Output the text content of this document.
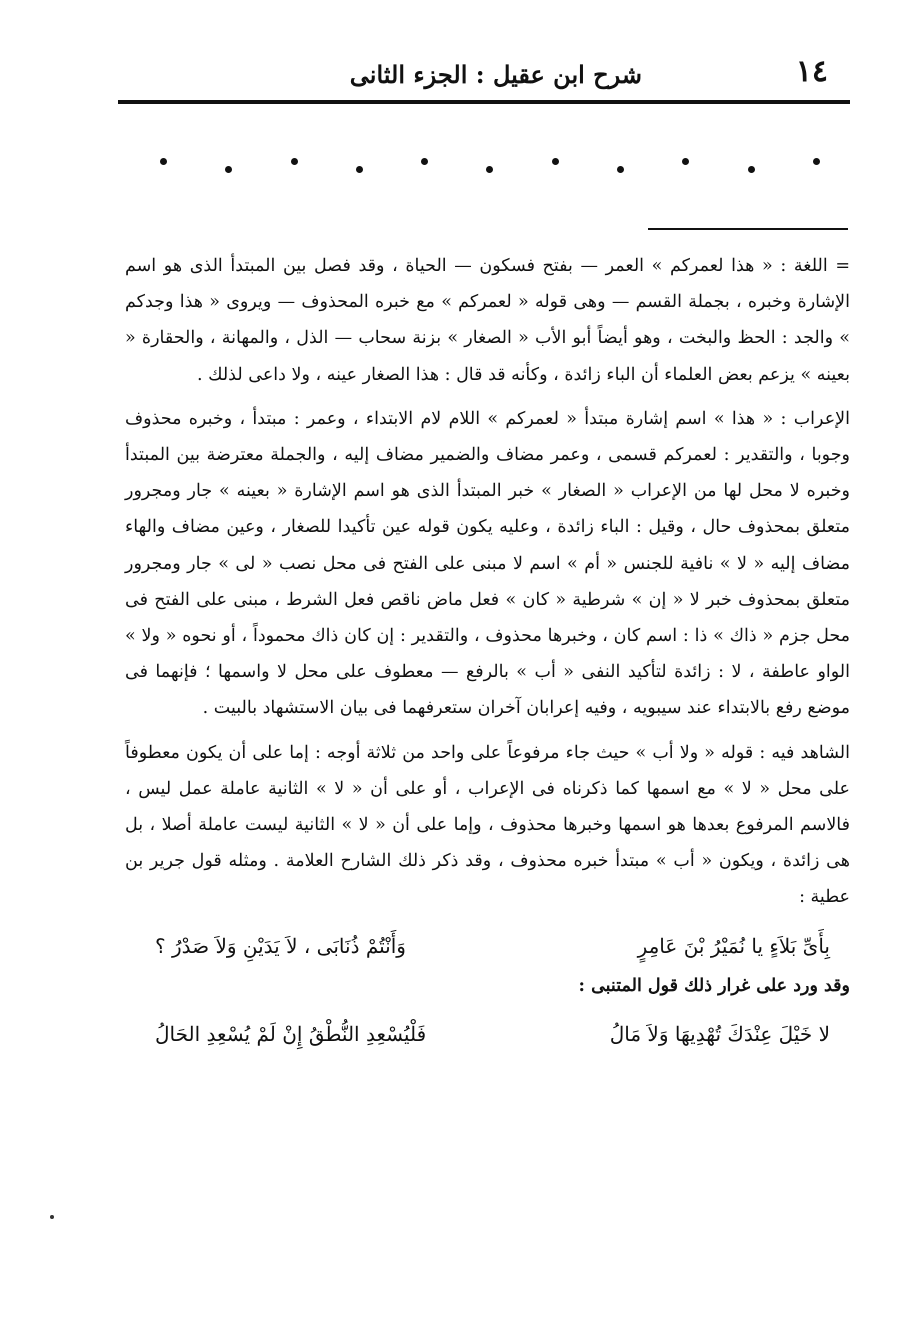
١٤
شرح ابن عقيل : الجزء الثانى

= اللغة : « هذا لعمركم » العمر — بفتح فسكون — الحياة ، وقد فصل بين المبتدأ الذى هو اسم الإشارة وخبره ، بجملة القسم — وهى قوله « لعمركم » مع خبره المحذوف — ويروى « هذا وجدكم » والجد : الحظ والبخت ، وهو أيضاً أبو الأب « الصغار » بزنة سحاب — الذل ، والمهانة ، والحقارة « بعينه » يزعم بعض العلماء أن الباء زائدة ، وكأنه قد قال : هذا الصغار عينه ، ولا داعى لذلك .

الإعراب : « هذا » اسم إشارة مبتدأ « لعمركم » اللام لام الابتداء ، وعمر : مبتدأ ، وخبره محذوف وجوبا ، والتقدير : لعمركم قسمى ، وعمر مضاف والضمير مضاف إليه ، والجملة معترضة بين المبتدأ وخبره لا محل لها من الإعراب « الصغار » خبر المبتدأ الذى هو اسم الإشارة « بعينه » جار ومجرور متعلق بمحذوف حال ، وقيل : الباء زائدة ، وعليه يكون قوله عين تأكيدا للصغار ، وعين مضاف والهاء مضاف إليه « لا » نافية للجنس « أم » اسم لا مبنى على الفتح فى محل نصب « لى » جار ومجرور متعلق بمحذوف خبر لا « إن » شرطية « كان » فعل ماض ناقص فعل الشرط ، مبنى على الفتح فى محل جزم « ذاك » ذا : اسم كان ، وخبرها محذوف ، والتقدير : إن كان ذاك محموداً ، أو نحوه « ولا » الواو عاطفة ، لا : زائدة لتأكيد النفى « أب » بالرفع — معطوف على محل لا واسمها ؛ فإنهما فى موضع رفع بالابتداء عند سيبويه ، وفيه إعرابان آخران ستعرفهما فى بيان الاستشهاد بالبيت .

الشاهد فيه : قوله « ولا أب » حيث جاء مرفوعاً على واحد من ثلاثة أوجه : إما على أن يكون معطوفاً على محل « لا » مع اسمها كما ذكرناه فى الإعراب ، أو على أن « لا » الثانية عاملة عمل ليس ، فالاسم المرفوع بعدها هو اسمها وخبرها محذوف ، وإما على أن « لا » الثانية ليست عاملة أصلا ، بل هى زائدة ، ويكون « أب » مبتدأ خبره محذوف ، وقد ذكر ذلك الشارح العلامة . ومثله قول جرير بن عطية :

بِأَىِّ بَلاَءٍ يا نُمَيْرُ بْنَ عَامِرٍ
وَأَنْتُمْ ذُنَابَى ، لاَ يَدَيْنِ وَلاَ صَدْرُ ؟

وقد ورد على غرار ذلك قول المتنبى :

لا خَيْلَ عِنْدَكَ تُهْدِيهَا وَلاَ مَالُ
فَلْيُسْعِدِ النُّطْقُ إِنْ لَمْ يُسْعِدِ الحَالُ
